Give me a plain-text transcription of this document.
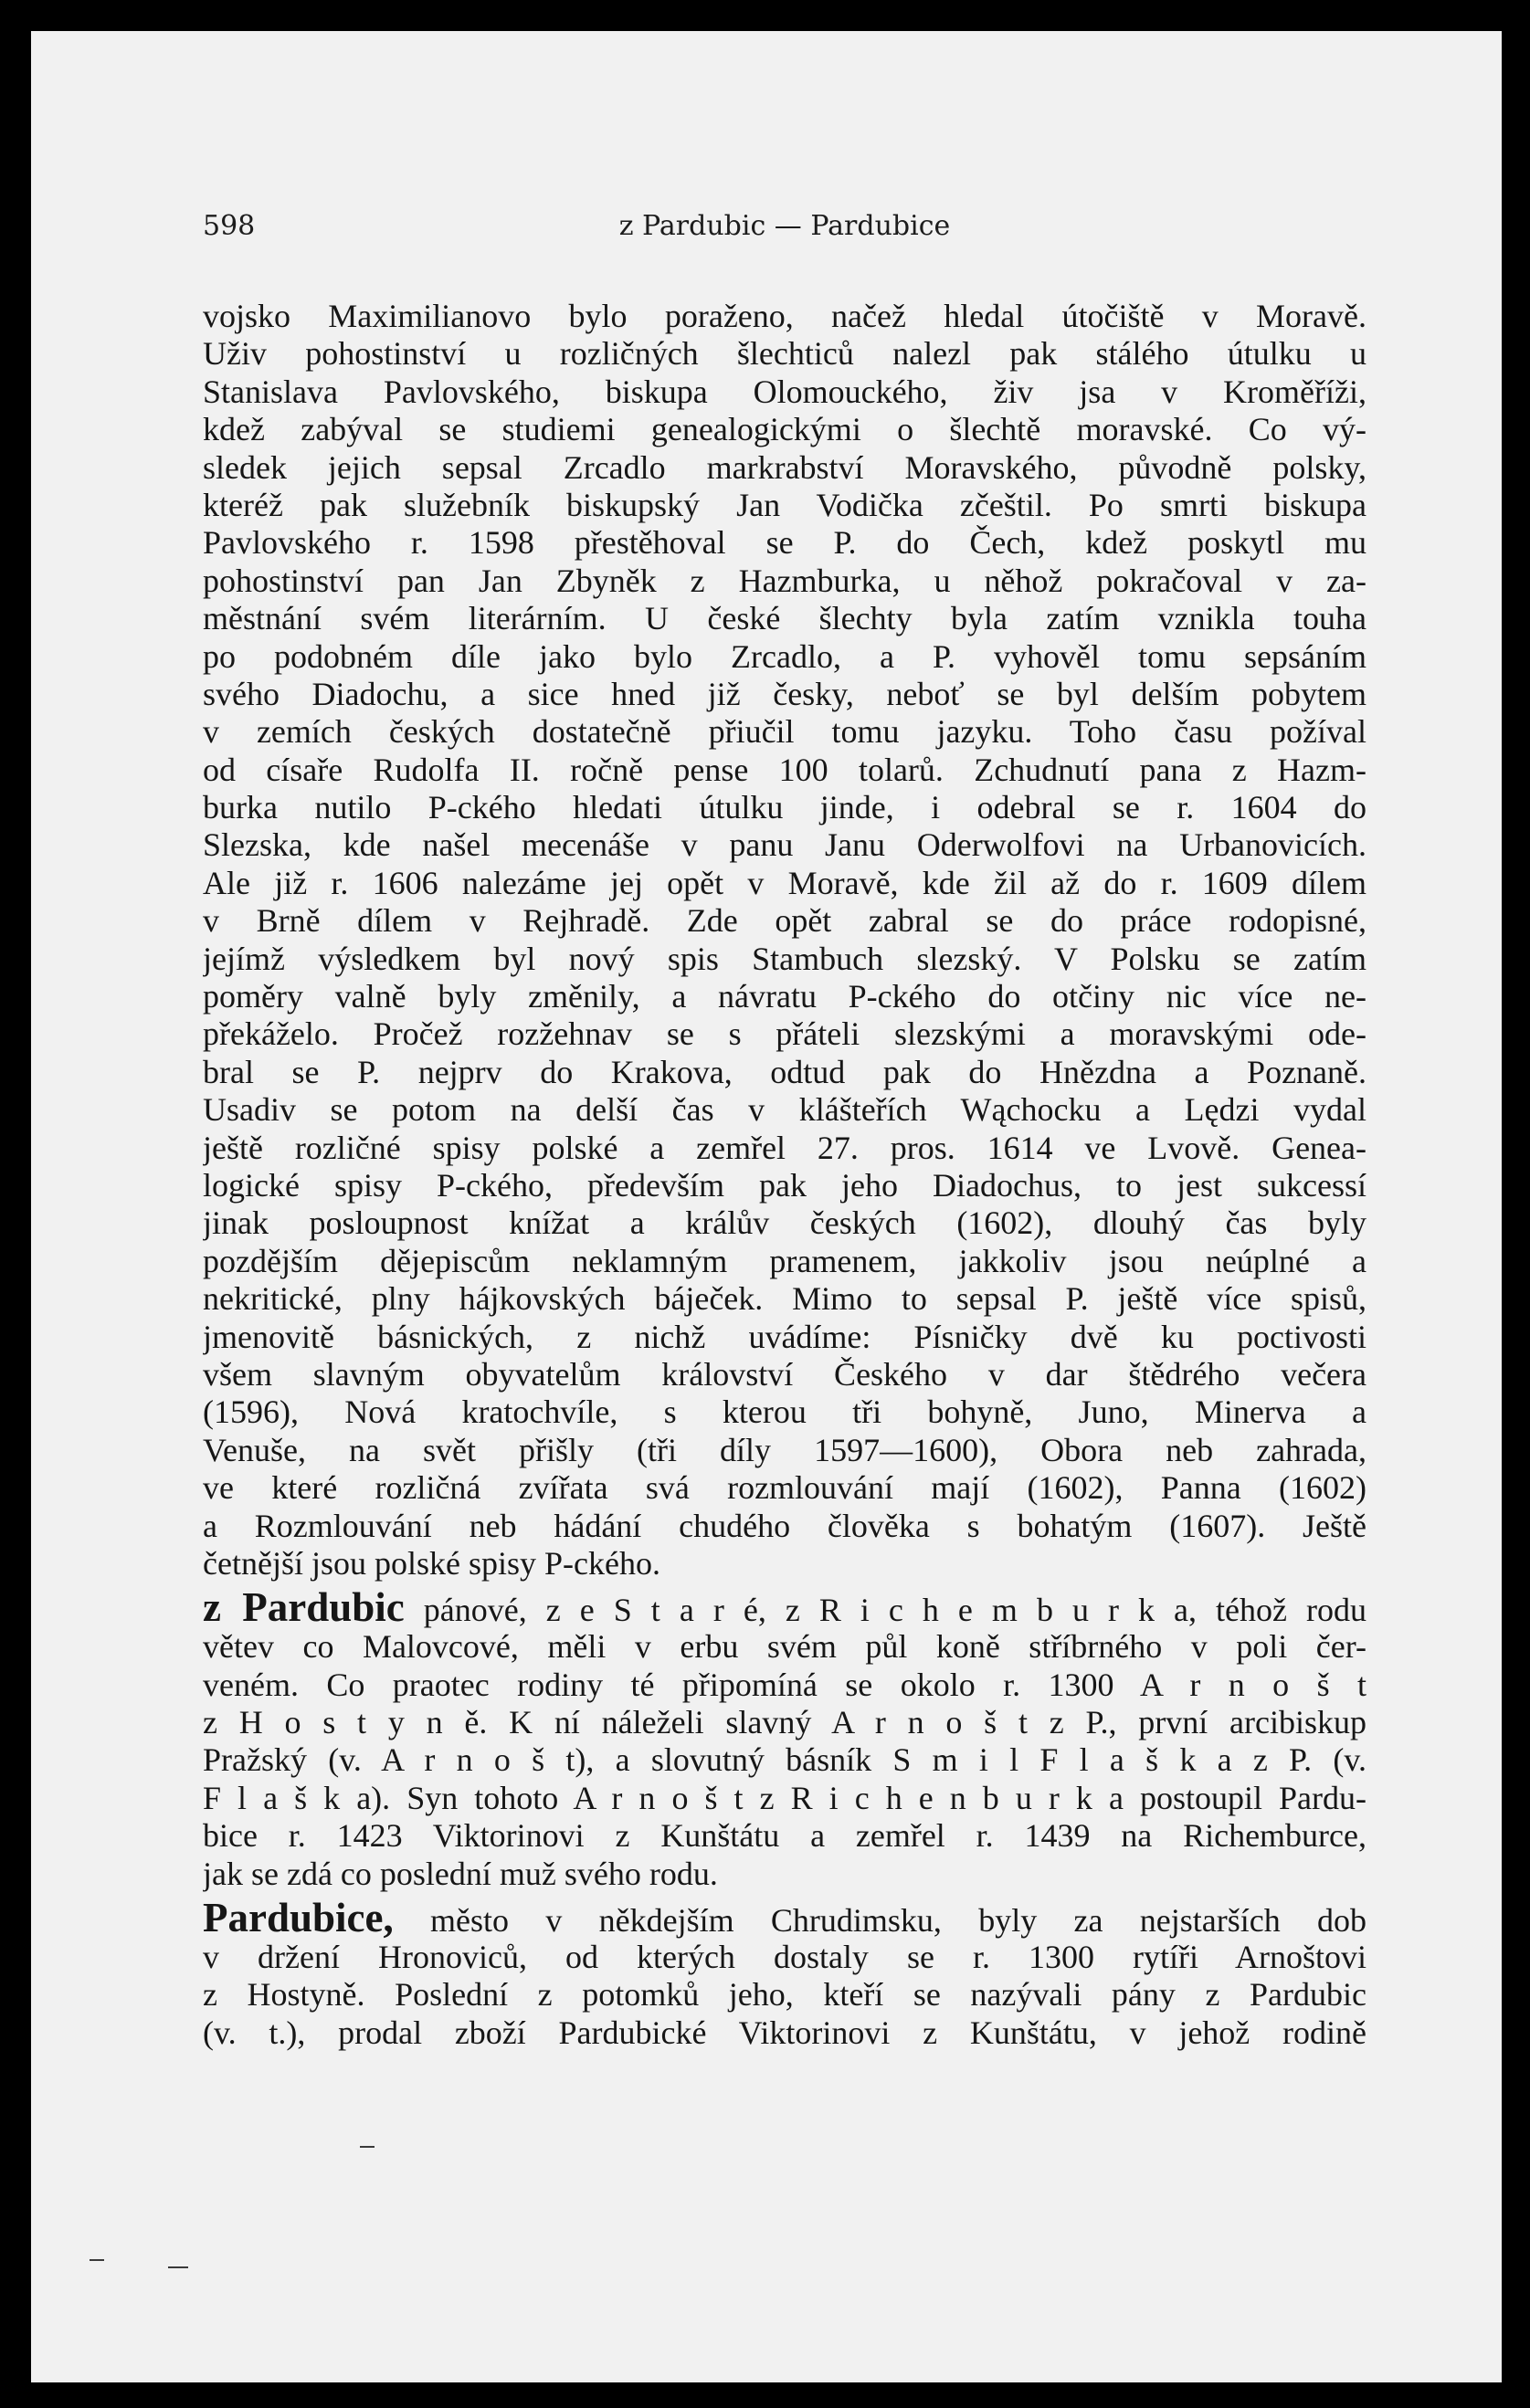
598	z Pardubic — Pardubice
vojsko Maximilianovo bylo poraženo, načež hledal útočiště v Moravě.
Uživ pohostinství u rozličných šlechticů nalezl pak stálého útulku u
Stanislava Pavlovského, biskupa Olomouckého, živ jsa v Kroměříži,
kdež zabýval se studiemi genealogickými o šlechtě moravské. Co vý-
sledek jejich sepsal Zrcadlo markrabství Moravského, původně polsky,
kteréž pak služebník biskupský Jan Vodička zčeštil. Po smrti biskupa
Pavlovského r. 1598 přestěhoval se P. do Čech, kdež poskytl mu
pohostinství pan Jan Zbyněk z Hazmburka, u něhož pokračoval v za-
městnání svém literárním. U české šlechty byla zatím vznikla touha
po podobném díle jako bylo Zrcadlo, a P. vyhověl tomu sepsáním
svého Diadochu, a sice hned již česky, neboť se byl delším pobytem
v zemích českých dostatečně přiučil tomu jazyku. Toho času požíval
od císaře Rudolfa II. ročně pense 100 tolarů. Zchudnutí pana z Hazm-
burka nutilo P-ckého hledati útulku jinde, i odebral se r. 1604 do
Slezska, kde našel mecenáše v panu Janu Oderwolfovi na Urbanovicích.
Ale již r. 1606 nalezáme jej opět v Moravě, kde žil až do r. 1609 dílem
v Brně dílem v Rejhradě. Zde opět zabral se do práce rodopisné,
jejímž výsledkem byl nový spis Stambuch slezský. V Polsku se zatím
poměry valně byly změnily, a návratu P-ckého do otčiny nic více ne-
překáželo. Pročež rozžehnav se s přáteli slezskými a moravskými ode-
bral se P. nejprv do Krakova, odtud pak do Hnězdna a Poznaně.
Usadiv se potom na delší čas v klášteřích Wąchocku a Lędzi vydal
ještě rozličné spisy polské a zemřel 27. pros. 1614 ve Lvově. Genea-
logické spisy P-ckého, především pak jeho Diadochus, to jest sukcessí
jinak posloupnost knížat a králův českých (1602), dlouhý čas byly
pozdějším dějepiscům neklamným pramenem, jakkoliv jsou neúplné a
nekritické, plny hájkovských báječek. Mimo to sepsal P. ještě více spisů,
jmenovitě básnických, z nichž uvádíme: Písničky dvě ku poctivosti
všem slavným obyvatelům království Českého v dar štědrého večera
(1596), Nová kratochvíle, s kterou tři bohyně, Juno, Minerva a
Venuše, na svět přišly (tři díly 1597—1600), Obora neb zahrada,
ve které rozličná zvířata svá rozmlouvání mají (1602), Panna (1602)
a Rozmlouvání neb hádání chudého člověka s bohatým (1607). Ještě
četnější jsou polské spisy P-ckého.
z Pardubic pánové, z e S t a r é, z R i c h e m b u r k a, téhož rodu
větev co Malovcové, měli v erbu svém půl koně stříbrného v poli čer-
veném. Co praotec rodiny té připomíná se okolo r. 1300 A r n o š t
z H o s t y n ě. K ní náleželi slavný A r n o š t z P., první arcibiskup
Pražský (v. A r n o š t), a slovutný básník S m i l F l a š k a z P. (v.
F l a š k a). Syn tohoto A r n o š t z R i c h e n b u r k a postoupil Pardu-
bice r. 1423 Viktorinovi z Kunštátu a zemřel r. 1439 na Richemburce,
jak se zdá co poslední muž svého rodu.
Pardubice, město v někdejším Chrudimsku, byly za nejstarších dob
v držení Hronoviců, od kterých dostaly se r. 1300 rytíři Arnoštovi
z Hostyně. Poslední z potomků jeho, kteří se nazývali pány z Pardubic
(v. t.), prodal zboží Pardubické Viktorinovi z Kunštátu, v jehož rodině
